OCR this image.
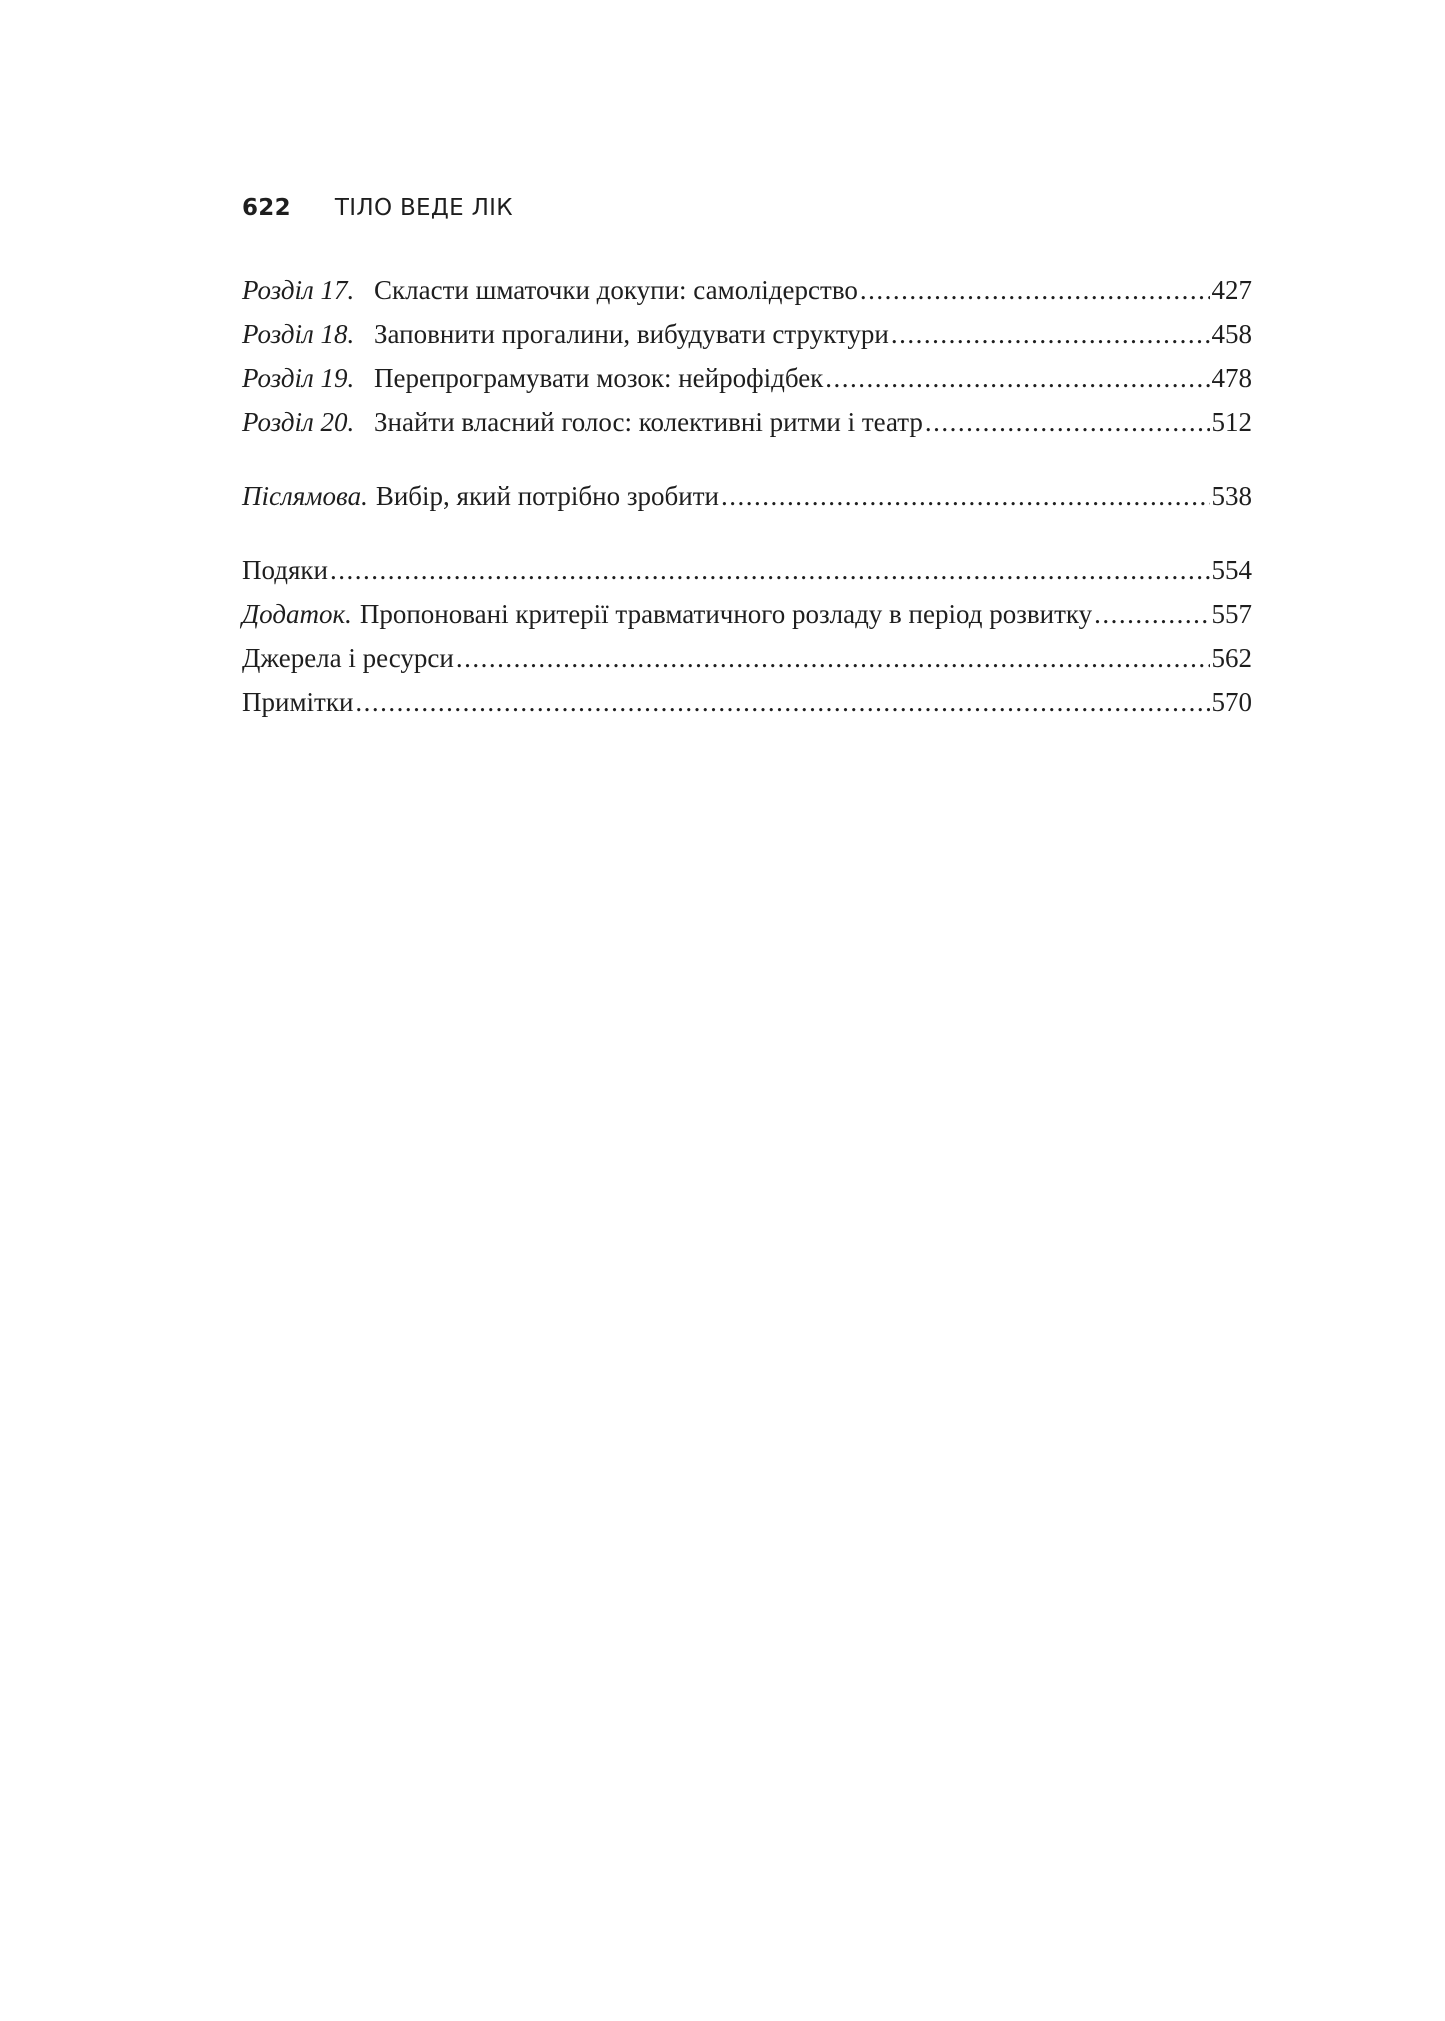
622 ТІЛО ВЕДЕ ЛІК
Розділ 17. Скласти шматочки докупи: самолідерство .....	427
Розділ 18. Заповнити прогалини, вибудувати структури .....	458
Розділ 19. Перепрограмувати мозок: нейрофідбек .....	478
Розділ 20. Знайти власний голос: колективні ритми і театр .....	512
Післямова. Вибір, який потрібно зробити .....	538
Подяки .....	554
Додаток. Пропоновані критерії травматичного розладу в період розвитку .....	557
Джерела і ресурси .....	562
Примітки .....	570
